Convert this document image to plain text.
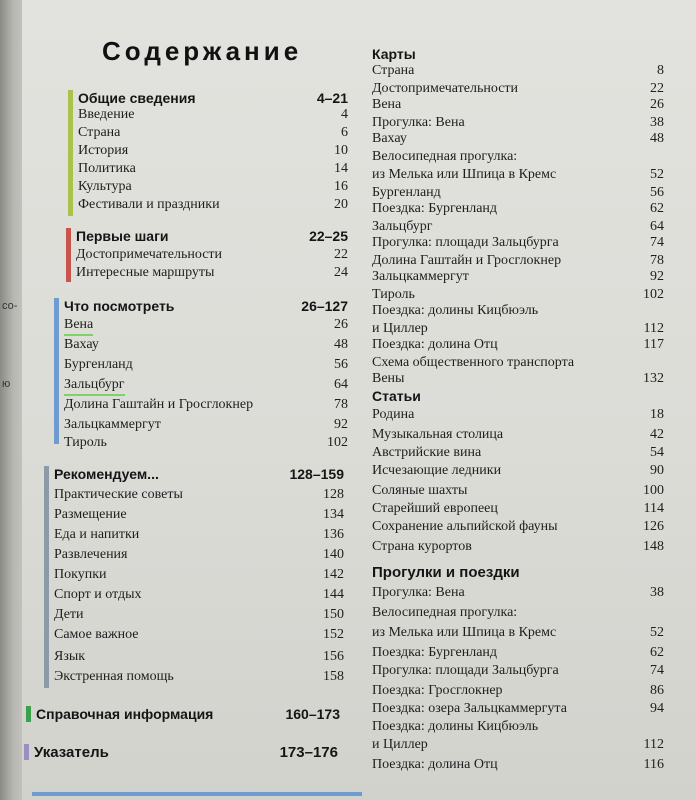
со-
ю
Содержание
Общие сведения	4–21
Введение	4
Страна	6
История	10
Политика	14
Культура	16
Фестивали и праздники	20
Первые шаги	22–25
Достопримечательности	22
Интересные маршруты	24
Что посмотреть	26–127
Вена	26
Вахау	48
Бургенланд	56
Зальцбург	64
Долина Гаштайн и Гросглокнер	78
Зальцкаммергут	92
Тироль	102
Рекомендуем...	128–159
Практические советы	128
Размещение	134
Еда и напитки	136
Развлечения	140
Покупки	142
Спорт и отдых	144
Дети	150
Самое важное	152
Язык	156
Экстренная помощь	158
Справочная информация	160–173
Указатель	173–176
Карты
Страна	8
Достопримечательности	22
Вена	26
Прогулка: Вена	38
Вахау	48
Велосипедная прогулка:
из Мелька или Шпица в Кремс	52
Бургенланд	56
Поездка: Бургенланд	62
Зальцбург	64
Прогулка: площади Зальцбурга	74
Долина Гаштайн и Гросглокнер	78
Зальцкаммергут	92
Тироль	102
Поездка: долины Кицбюэль
и Циллер	112
Поездка: долина Отц	117
Схема общественного транспорта
Вены	132
Статьи
Родина	18
Музыкальная столица	42
Австрийские вина	54
Исчезающие ледники	90
Соляные шахты	100
Старейший европеец	114
Сохранение альпийской фауны	126
Страна курортов	148
Прогулки и поездки
Прогулка: Вена	38
Велосипедная прогулка:
из Мелька или Шпица в Кремс	52
Поездка: Бургенланд	62
Прогулка: площади Зальцбурга	74
Поездка: Гросглокнер	86
Поездка: озера Зальцкаммергута	94
Поездка: долины Кицбюэль
и Циллер	112
Поездка: долина Отц	116
